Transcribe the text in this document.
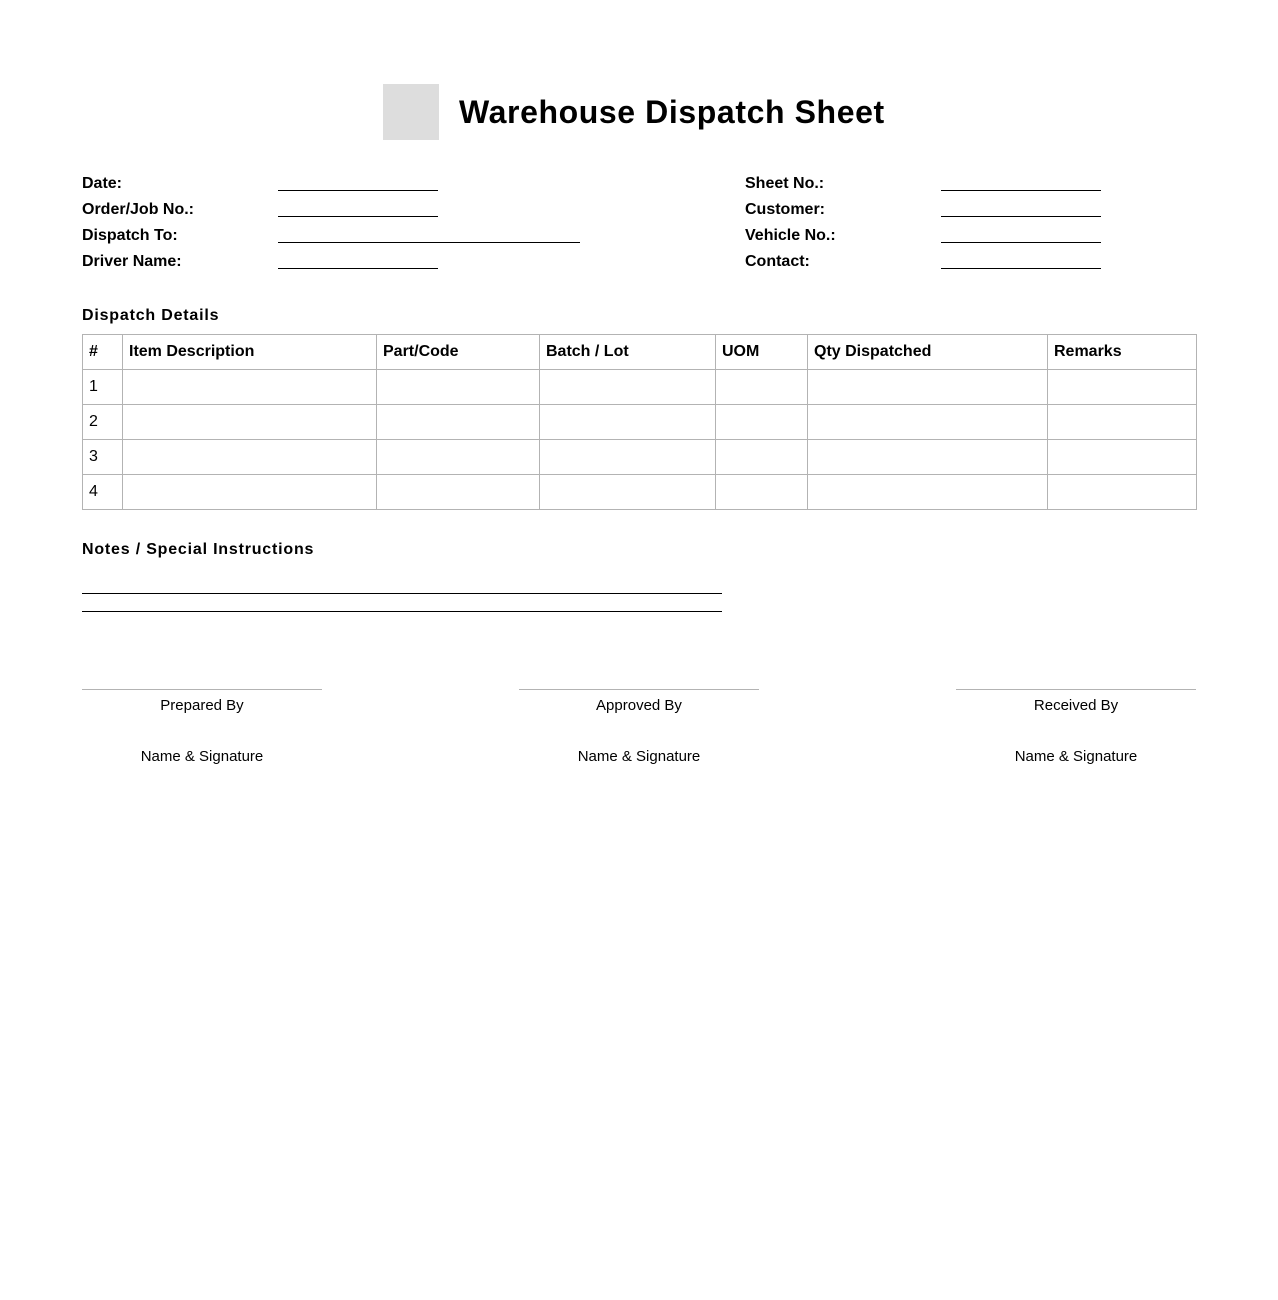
Warehouse Dispatch Sheet
Date:
Order/Job No.:
Dispatch To:
Driver Name:
Sheet No.:
Customer:
Vehicle No.:
Contact:
Dispatch Details
#	Item Description	Part/Code	Batch / Lot	UOM	Qty Dispatched	Remarks
1						
2						
3						
4						
Notes / Special Instructions
Prepared By
Name & Signature
Approved By
Name & Signature
Received By
Name & Signature
